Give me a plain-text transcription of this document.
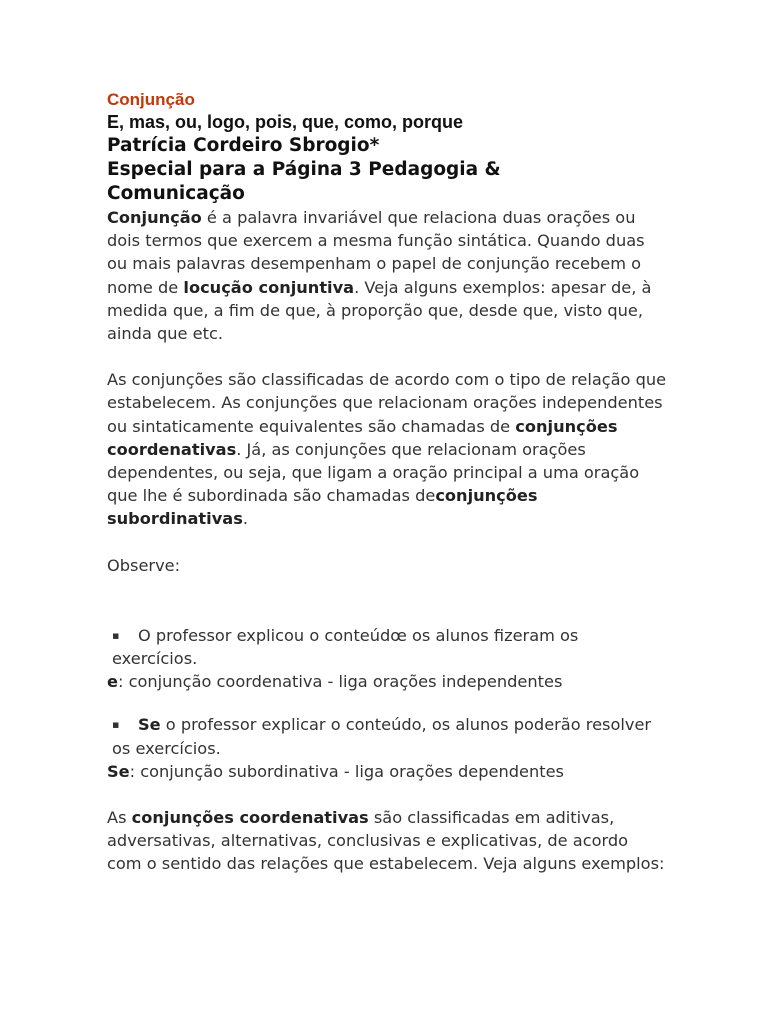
Conjunção
E, mas, ou, logo, pois, que, como, porque
Patrícia Cordeiro Sbrogio*
Especial para a Página 3 Pedagogia &
Comunicação

Conjunção é a palavra invariável que relaciona duas orações ou dois termos que exercem a mesma função sintática. Quando duas ou mais palavras desempenham o papel de conjunção recebem o nome de locução conjuntiva. Veja alguns exemplos: apesar de, à medida que, a fim de que, à proporção que, desde que, visto que, ainda que etc.

As conjunções são classificadas de acordo com o tipo de relação que estabelecem. As conjunções que relacionam orações independentes ou sintaticamente equivalentes são chamadas de conjunções coordenativas. Já, as conjunções que relacionam orações dependentes, ou seja, que ligam a oração principal a uma oração que lhe é subordinada são chamadas deconjunções subordinativas.

Observe:

▪ O professor explicou o conteúdœ os alunos fizeram os exercícios.

e: conjunção coordenativa - liga orações independentes

▪ Se o professor explicar o conteúdo, os alunos poderão resolver os exercícios.

Se: conjunção subordinativa - liga orações dependentes

As conjunções coordenativas são classificadas em aditivas, adversativas, alternativas, conclusivas e explicativas, de acordo com o sentido das relações que estabelecem. Veja alguns exemplos:
